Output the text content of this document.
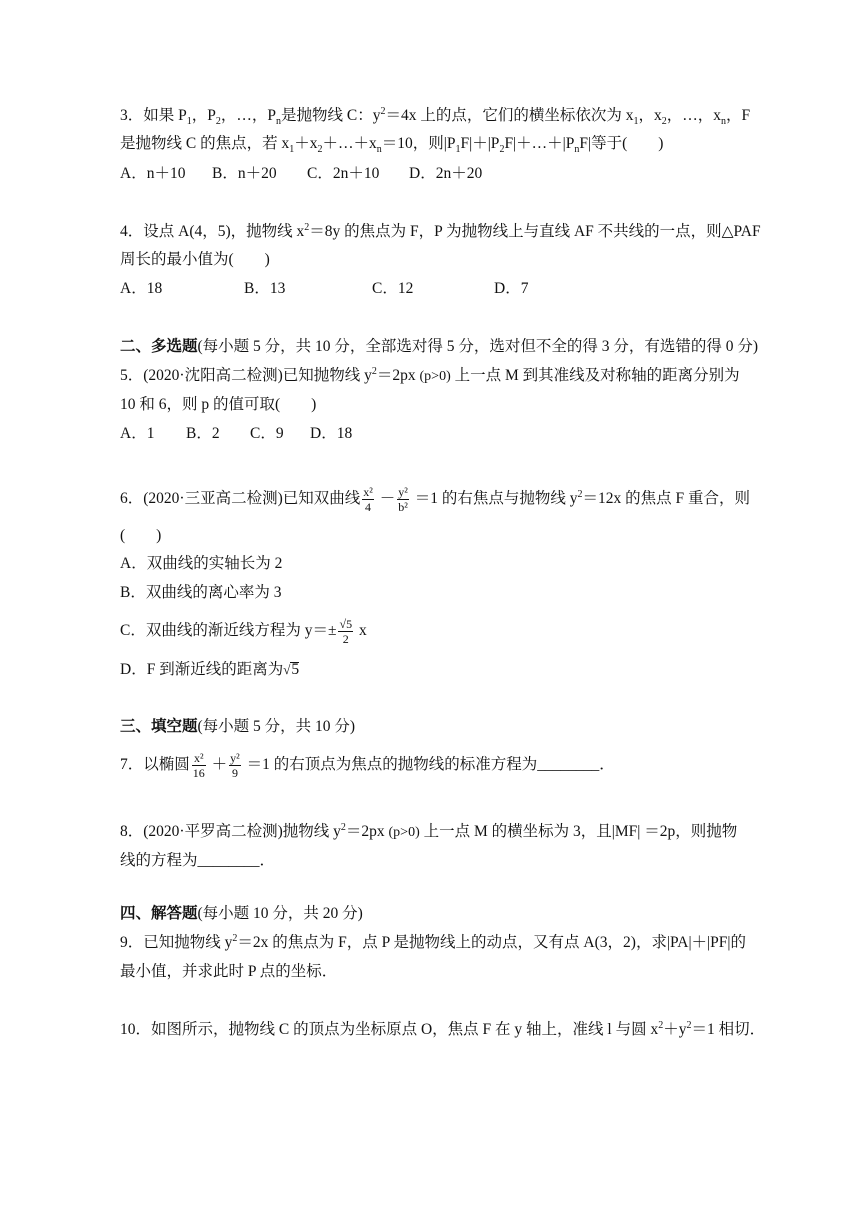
3．如果 $P_1$，$P_2$，…，$P_n$是抛物线 C：$y^2=4x$ 上的点，它们的横坐标依次为 $x_1$，$x_2$，…，$x_n$，F
是抛物线 C 的焦点，若 $x_1+x_2+\dots+x_n=10$，则$|P_1F|+|P_2F|+\dots+|P_nF|$等于(　　)
A．n＋10 B．n＋20 C．2n＋10 D．2n＋20
4．设点 A(4，5)，抛物线 $x^2=8y$ 的焦点为 F，P 为抛物线上与直线 AF 不共线的一点，则△PAF
周长的最小值为(　　)
A．18	B．13	C．12	D．7
二、多选题(每小题 5 分，共 10 分，全部选对得 5 分，选对但不全的得 3 分，有选错的得 0 分)
5．(2020·沈阳高二检测)已知抛物线 $y^2=2px$ (p>0) 上一点 M 到其准线及对称轴的距离分别为
10 和 6，则 p 的值可取(　　)
A．1 B．2 C．9 D．18
6．(2020·三亚高二检测)已知双曲线 $\frac{\text{x²}}{4} - \frac{\text{y²}}{\text{b²}} =1$ 的右焦点与抛物线 $y^2=12x$ 的焦点 F 重合，则
(　　)
A．双曲线的实轴长为 2
B．双曲线的离心率为 3
C．双曲线的渐近线方程为 $y=\pm \frac{√5}{2}$ x
D．F 到渐近线的距离为√5
三、填空题(每小题 5 分，共 10 分)
7．以椭圆 $\frac{\text{x²}}{16} + \frac{\text{y²}}{9} =1$ 的右顶点为焦点的抛物线的标准方程为________．
8．(2020·平罗高二检测)抛物线 $y^2=2px$ (p>0) 上一点 M 的横坐标为 3，且|MF| ＝2p，则抛物
线的方程为________．
四、解答题(每小题 10 分，共 20 分)
9．已知抛物线 $y^2=2x$ 的焦点为 F，点 P 是抛物线上的动点，又有点 A(3，2)，求|PA|＋|PF|的
最小值，并求此时 P 点的坐标．
10．如图所示，抛物线 C 的顶点为坐标原点 O，焦点 F 在 y 轴上，准线 l 与圆 $x^2+y^2=1$ 相切．
